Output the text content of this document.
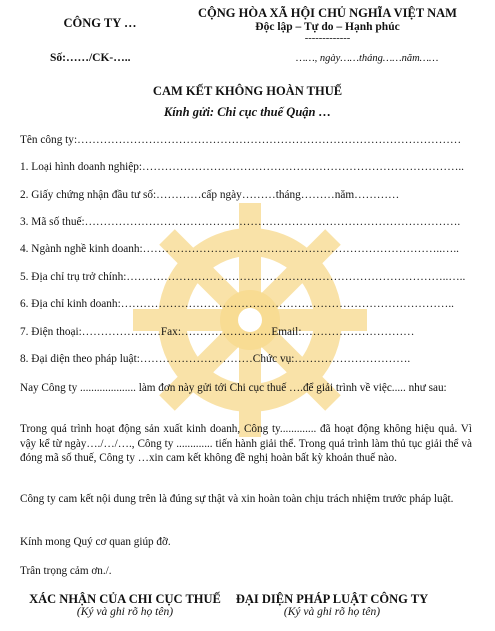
CÔNG TY …
CỘNG HÒA XÃ HỘI CHỦ NGHĨA VIỆT NAM
Độc lập – Tự do – Hạnh phúc
-------------
Số:……/CK-…..	……, ngày……tháng……năm……
CAM KẾT KHÔNG HOÀN THUẾ
Kính gửi: Chi cục thuế Quận …
Tên công ty:…………………………………………………………………………………………
1. Loại hình doanh nghiệp:…………………………………………………………………………..
2. Giấy chứng nhận đầu tư số:…………cấp ngày………tháng………năm…………
3. Mã số thuế:……………………………………………………………………………………….
4. Ngành nghề kinh doanh:……………………………………………………………………..…..
5. Địa chỉ trụ trở chính:…………………………………………………………………………..…..
6. Địa chỉ kinh doanh:……………………………………………………………………………..
7. Điện thoại:…………………Fax:……………………Email:…………………………
8. Đại diện theo pháp luật:…………………………Chức vụ:………………………….
Nay Công ty .................... làm đơn này gửi tới Chi cục thuế ….để giải trình về việc..... như sau:
Trong quá trình hoạt động sản xuất kinh doanh, Công ty............. đã hoạt động không hiệu quả. Vì vậy kể từ ngày…./…/…., Công ty ............. tiến hành giải thể. Trong quá trình làm thủ tục giải thể và đóng mã số thuế, Công ty …xin cam kết không đề nghị hoàn bất kỳ khoản thuế nào.
Công ty cam kết nội dung trên là đúng sự thật và xin hoàn toàn chịu trách nhiệm trước pháp luật.
Kính mong Quý cơ quan giúp đỡ.
Trân trọng cảm ơn./.
XÁC NHẬN CỦA CHI CỤC THUẾ
(Ký và ghi rõ họ tên)
ĐẠI DIỆN PHÁP LUẬT CÔNG TY
(Ký và ghi rõ họ tên)
